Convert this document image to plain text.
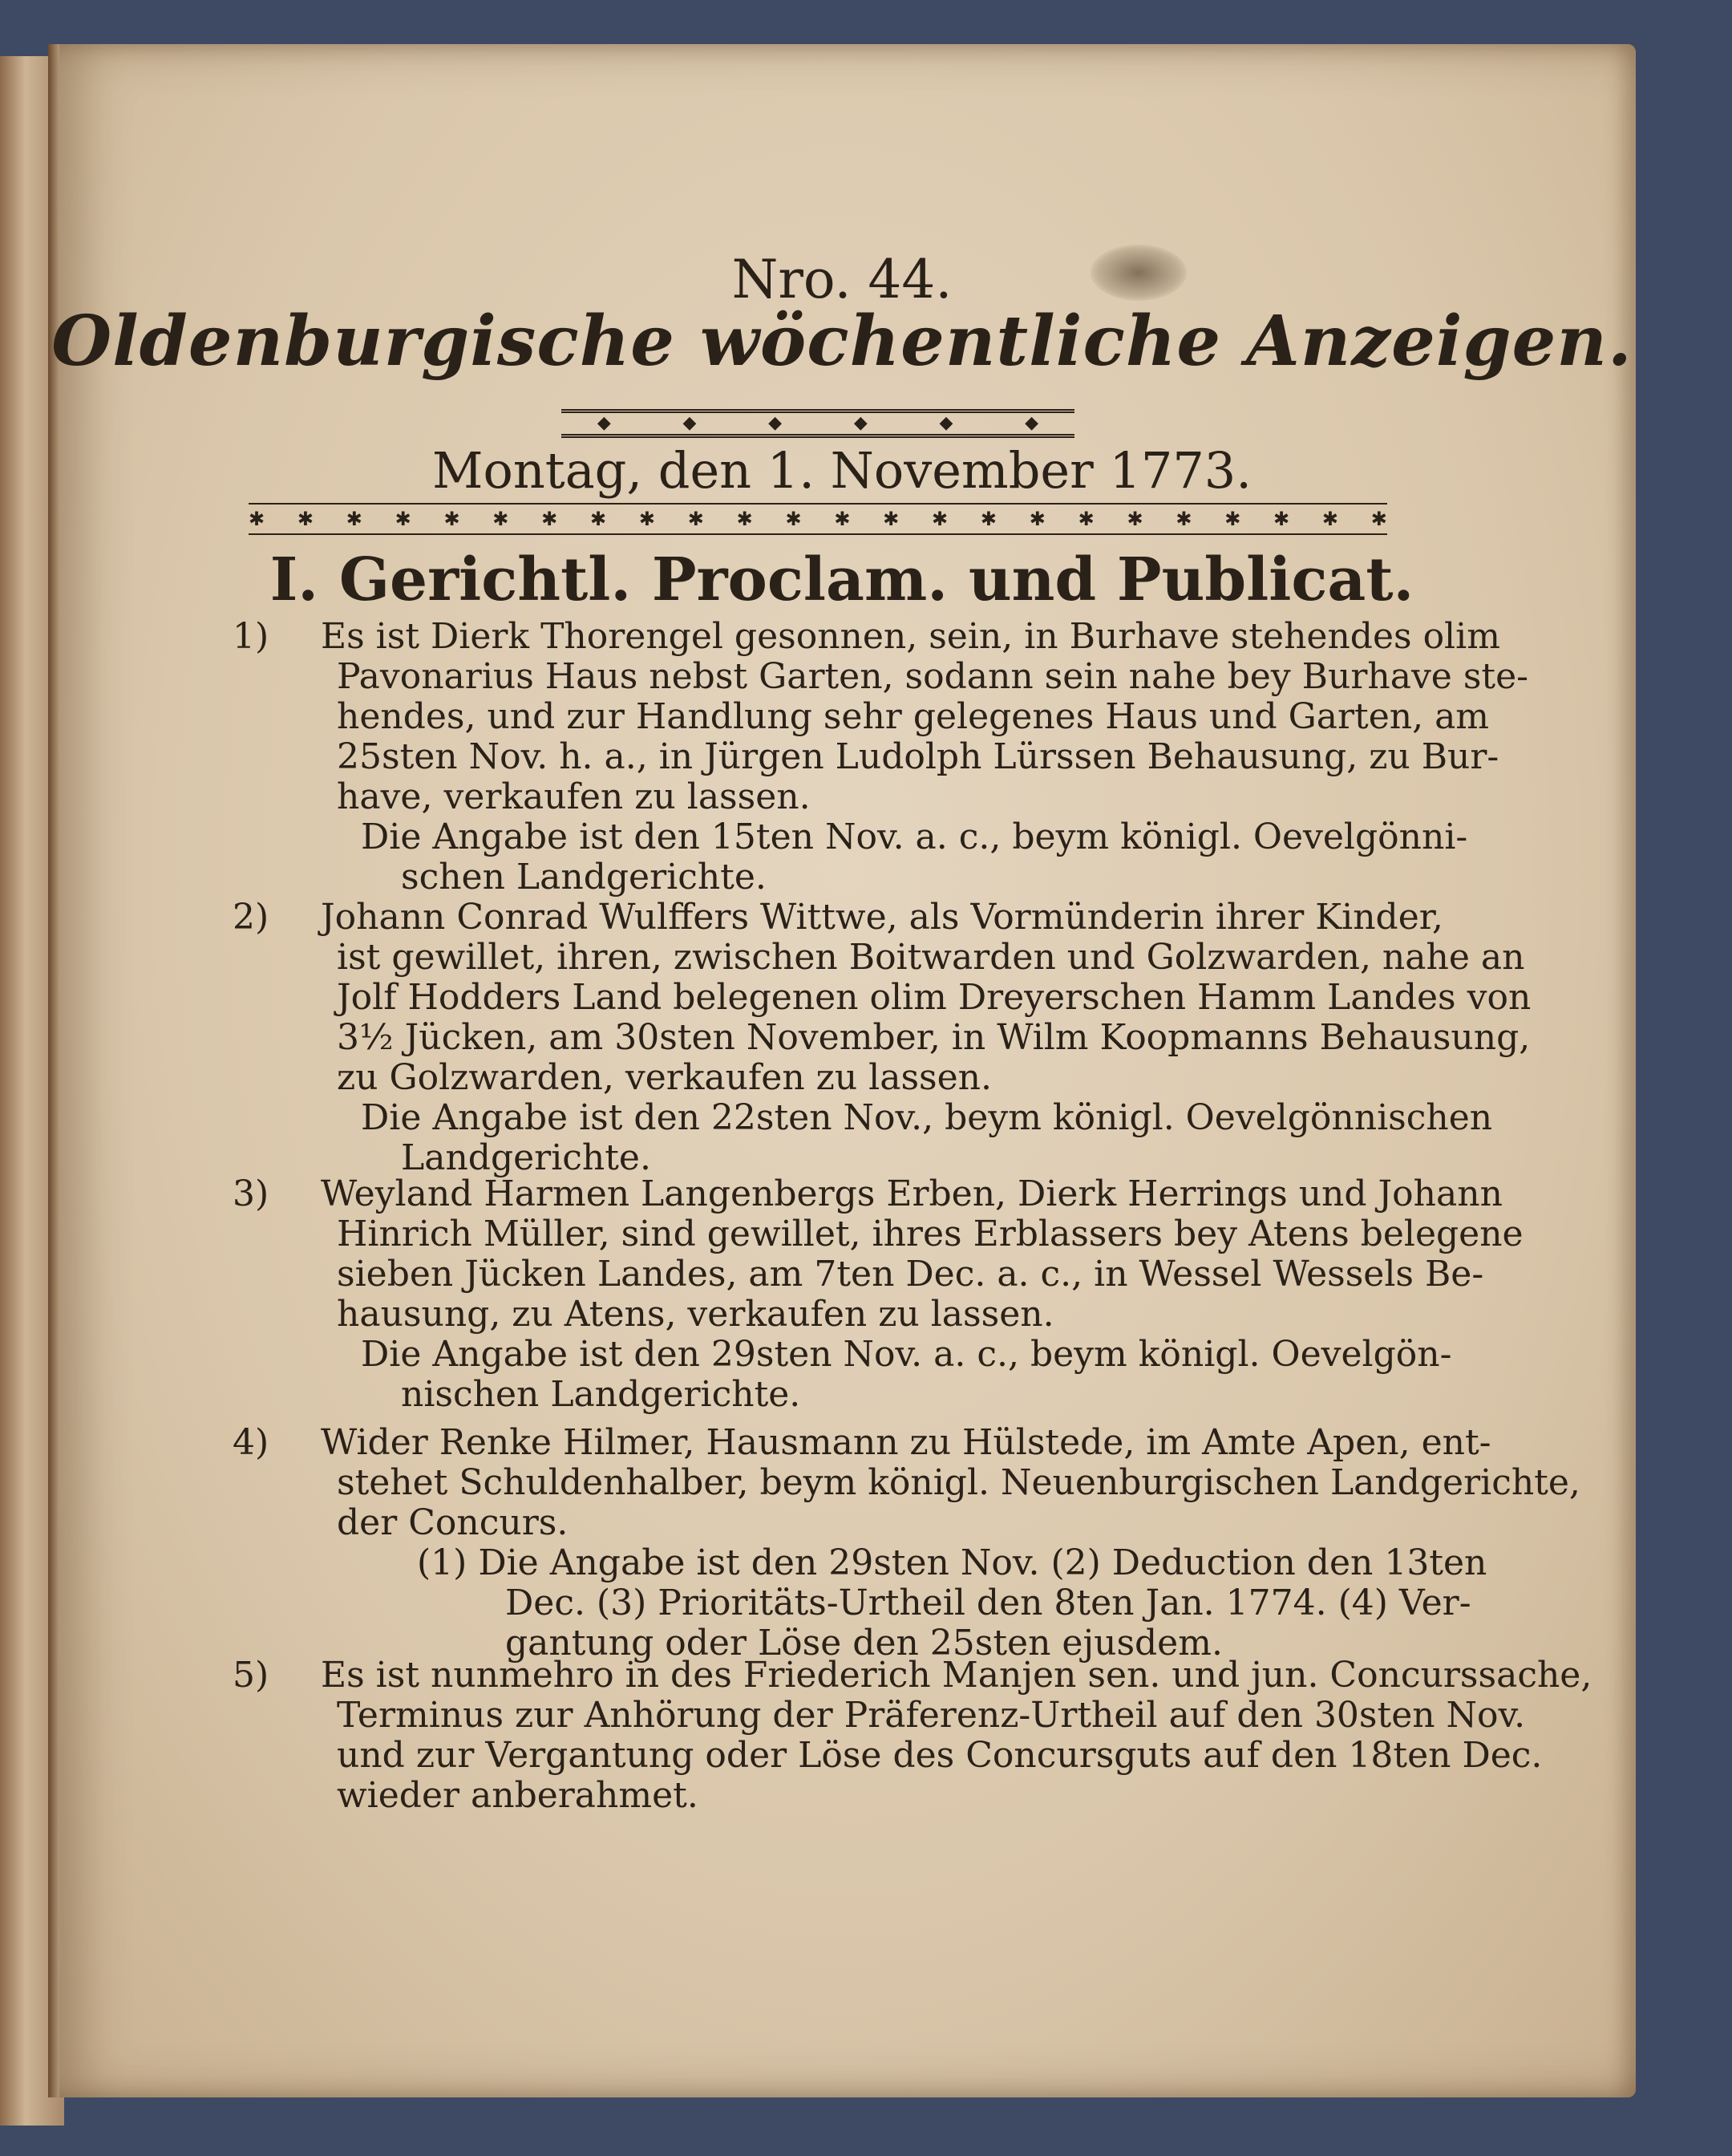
Nro. 44.

Oldenburgische wöchentliche Anzeigen.

◆	◆	◆	◆	◆	◆

Montag, den 1. November 1773.

✱ ✱ ✱ ✱ ✱ ✱ ✱ ✱ ✱ ✱ ✱ ✱ ✱ ✱ ✱ ✱ ✱ ✱ ✱ ✱ ✱ ✱ ✱ ✱

I. Gerichtl. Proclam. und Publicat.

1) Es ist Dierk Thorengel gesonnen, sein, in Burhave stehendes olim
Pavonarius Haus nebst Garten, sodann sein nahe bey Burhave ste-
hendes, und zur Handlung sehr gelegenes Haus und Garten, am
25sten Nov. h. a., in Jürgen Ludolph Lürssen Behausung, zu Bur-
have, verkaufen zu lassen.
Die Angabe ist den 15ten Nov. a. c., beym königl. Oevelgönni-
schen Landgerichte.
2) Johann Conrad Wulffers Wittwe, als Vormünderin ihrer Kinder,
ist gewillet, ihren, zwischen Boitwarden und Golzwarden, nahe an
Jolf Hodders Land belegenen olim Dreyerschen Hamm Landes von
3½ Jücken, am 30sten November, in Wilm Koopmanns Behausung,
zu Golzwarden, verkaufen zu lassen.
Die Angabe ist den 22sten Nov., beym königl. Oevelgönnischen
Landgerichte.
3) Weyland Harmen Langenbergs Erben, Dierk Herrings und Johann
Hinrich Müller, sind gewillet, ihres Erblassers bey Atens belegene
sieben Jücken Landes, am 7ten Dec. a. c., in Wessel Wessels Be-
hausung, zu Atens, verkaufen zu lassen.
Die Angabe ist den 29sten Nov. a. c., beym königl. Oevelgön-
nischen Landgerichte.
4) Wider Renke Hilmer, Hausmann zu Hülstede, im Amte Apen, ent-
stehet Schuldenhalber, beym königl. Neuenburgischen Landgerichte,
der Concurs.
(1) Die Angabe ist den 29sten Nov. (2) Deduction den 13ten
Dec. (3) Prioritäts-Urtheil den 8ten Jan. 1774. (4) Ver-
gantung oder Löse den 25sten ejusdem.
5) Es ist nunmehro in des Friederich Manjen sen. und jun. Concurssache,
Terminus zur Anhörung der Präferenz-Urtheil auf den 30sten Nov.
und zur Vergantung oder Löse des Concursguts auf den 18ten Dec.
wieder anberahmet.
